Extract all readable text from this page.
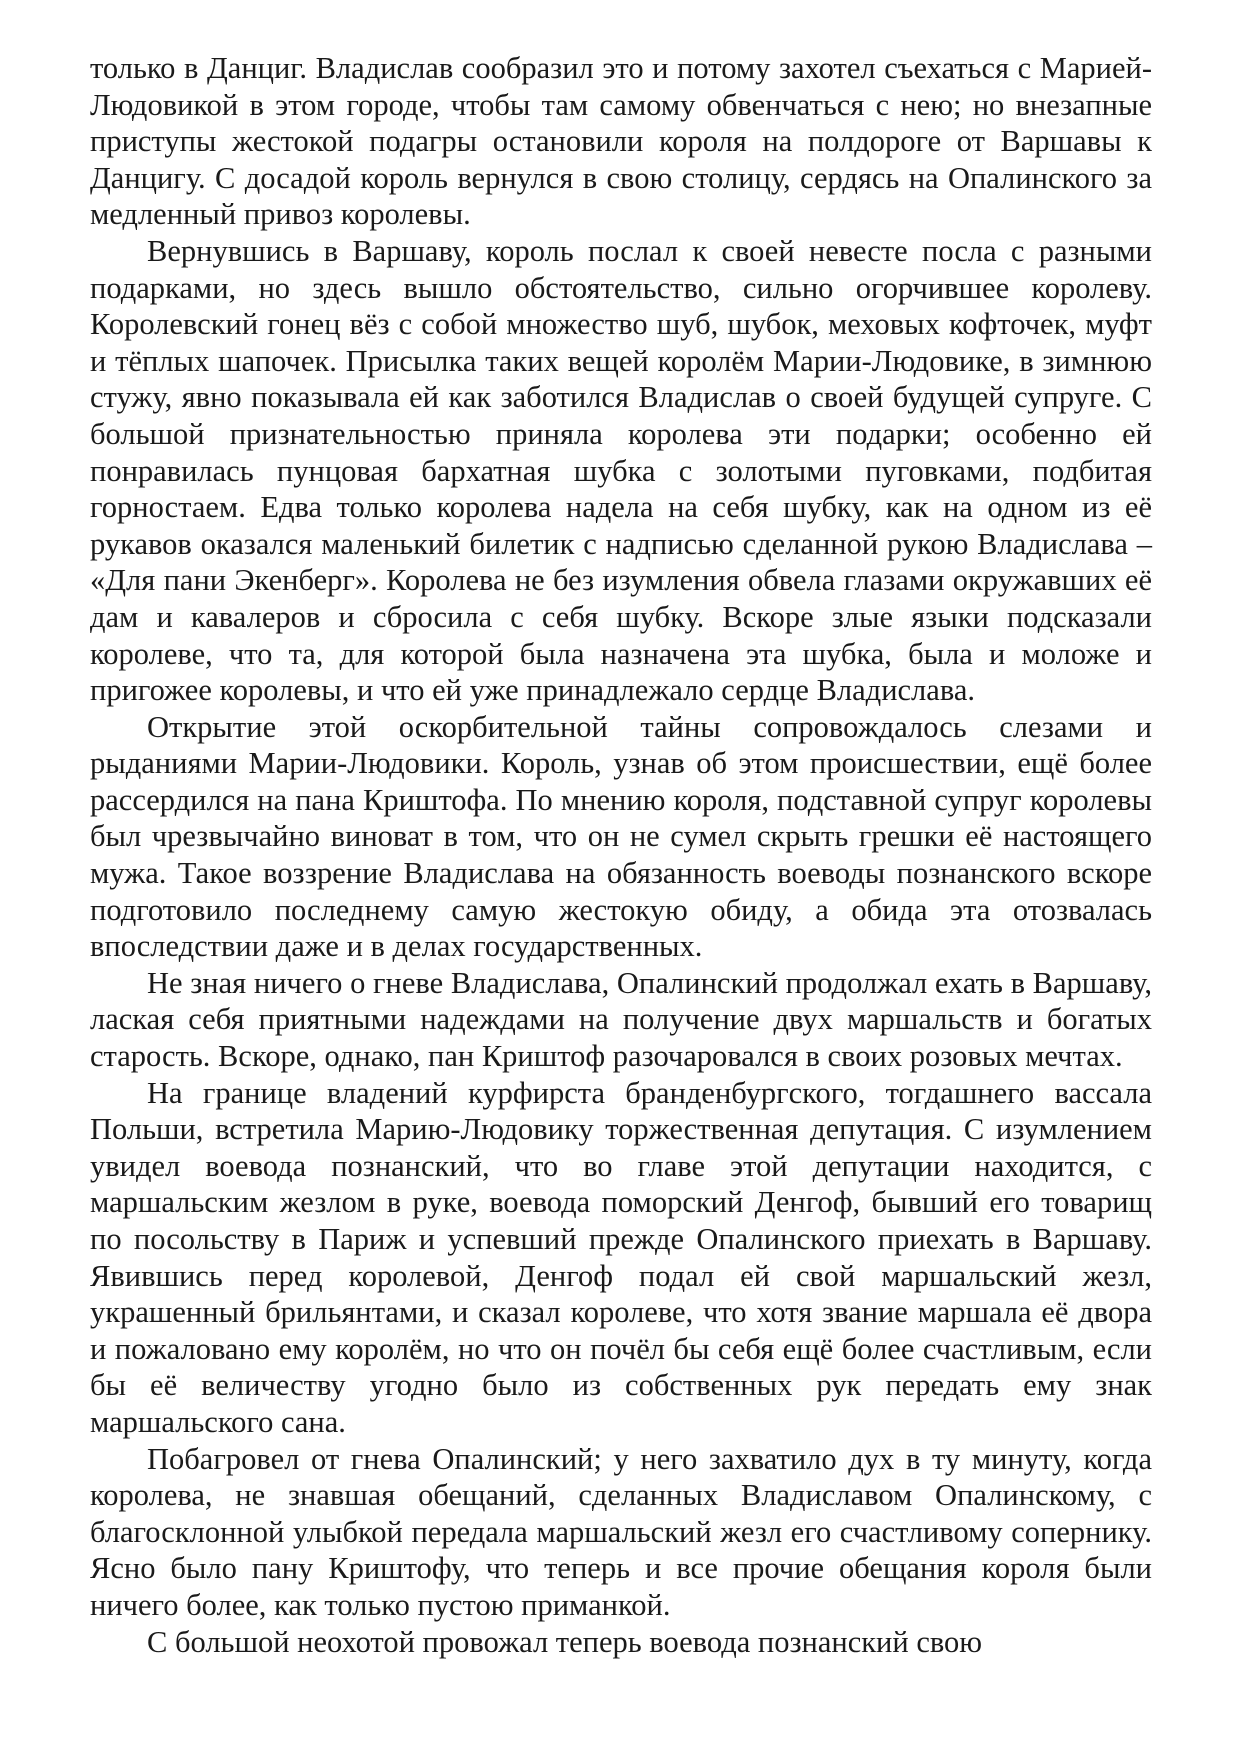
только в Данциг. Владислав сообразил это и потому захотел съехаться с Марией-Людовикой в этом городе, чтобы там самому обвенчаться с нею; но внезапные приступы жестокой подагры остановили короля на полдороге от Варшавы к Данцигу. С досадой король вернулся в свою столицу, сердясь на Опалинского за медленный привоз королевы.

Вернувшись в Варшаву, король послал к своей невесте посла с разными подарками, но здесь вышло обстоятельство, сильно огорчившее королеву. Королевский гонец вёз с собой множество шуб, шубок, меховых кофточек, муфт и тёплых шапочек. Присылка таких вещей королём Марии-Людовике, в зимнюю стужу, явно показывала ей как заботился Владислав о своей будущей супруге. С большой признательностью приняла королева эти подарки; особенно ей понравилась пунцовая бархатная шубка с золотыми пуговками, подбитая горностаем. Едва только королева надела на себя шубку, как на одном из её рукавов оказался маленький билетик с надписью сделанной рукою Владислава – «Для пани Экенберг». Королева не без изумления обвела глазами окружавших её дам и кавалеров и сбросила с себя шубку. Вскоре злые языки подсказали королеве, что та, для которой была назначена эта шубка, была и моложе и пригожее королевы, и что ей уже принадлежало сердце Владислава.

Открытие этой оскорбительной тайны сопровождалось слезами и рыданиями Марии-Людовики. Король, узнав об этом происшествии, ещё более рассердился на пана Криштофа. По мнению короля, подставной супруг королевы был чрезвычайно виноват в том, что он не сумел скрыть грешки её настоящего мужа. Такое воззрение Владислава на обязанность воеводы познанского вскоре подготовило последнему самую жестокую обиду, а обида эта отозвалась впоследствии даже и в делах государственных.

Не зная ничего о гневе Владислава, Опалинский продолжал ехать в Варшаву, лаская себя приятными надеждами на получение двух маршальств и богатых старость. Вскоре, однако, пан Криштоф разочаровался в своих розовых мечтах.

На границе владений курфирста бранденбургского, тогдашнего вассала Польши, встретила Марию-Людовику торжественная депутация. С изумлением увидел воевода познанский, что во главе этой депутации находится, с маршальским жезлом в руке, воевода поморский Денгоф, бывший его товарищ по посольству в Париж и успевший прежде Опалинского приехать в Варшаву. Явившись перед королевой, Денгоф подал ей свой маршальский жезл, украшенный брильянтами, и сказал королеве, что хотя звание маршала её двора и пожаловано ему королём, но что он почёл бы себя ещё более счастливым, если бы её величеству угодно было из собственных рук передать ему знак маршальского сана.

Побагровел от гнева Опалинский; у него захватило дух в ту минуту, когда королева, не знавшая обещаний, сделанных Владиславом Опалинскому, с благосклонной улыбкой передала маршальский жезл его счастливому сопернику. Ясно было пану Криштофу, что теперь и все прочие обещания короля были ничего более, как только пустою приманкой.

С большой неохотой провожал теперь воевода познанский свою
